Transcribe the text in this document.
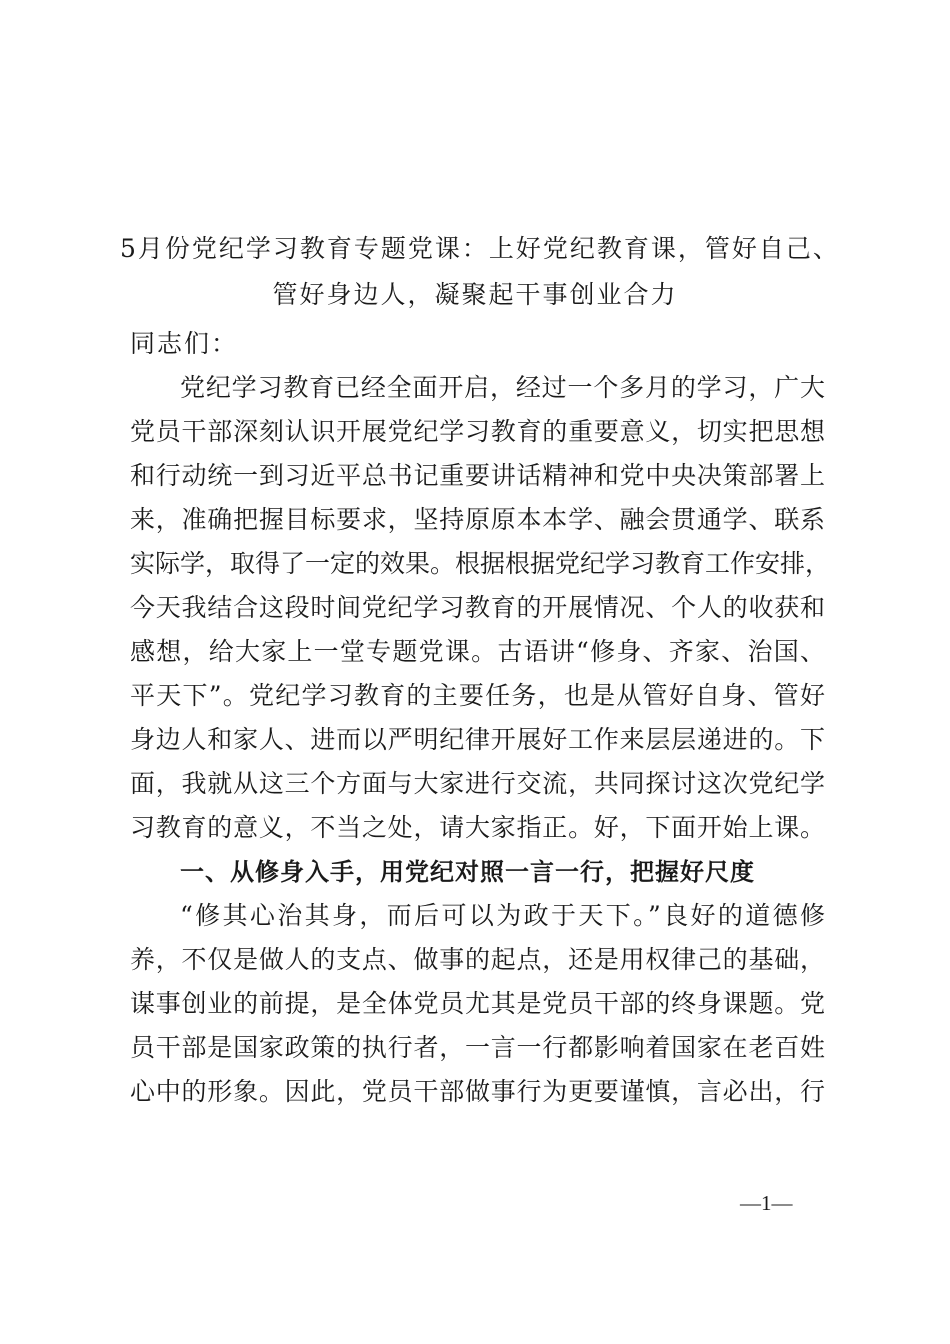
5月份党纪学习教育专题党课：上好党纪教育课，管好自己、
管好身边人，凝聚起干事创业合力
同志们：
党纪学习教育已经全面开启，经过一个多月的学习，广大
党员干部深刻认识开展党纪学习教育的重要意义，切实把思想
和行动统一到习近平总书记重要讲话精神和党中央决策部署上
来，准确把握目标要求，坚持原原本本学、融会贯通学、联系
实际学，取得了一定的效果。根据根据党纪学习教育工作安排，
今天我结合这段时间党纪学习教育的开展情况、个人的收获和
感想，给大家上一堂专题党课。古语讲“修身、齐家、治国、
平天下”。党纪学习教育的主要任务，也是从管好自身、管好
身边人和家人、进而以严明纪律开展好工作来层层递进的。下
面，我就从这三个方面与大家进行交流，共同探讨这次党纪学
习教育的意义，不当之处，请大家指正。好，下面开始上课。
一、从修身入手，用党纪对照一言一行，把握好尺度
“修其心治其身，而后可以为政于天下。”良好的道德修
养，不仅是做人的支点、做事的起点，还是用权律己的基础，
谋事创业的前提，是全体党员尤其是党员干部的终身课题。党
员干部是国家政策的执行者，一言一行都影响着国家在老百姓
心中的形象。因此，党员干部做事行为更要谨慎，言必出，行
—1—
